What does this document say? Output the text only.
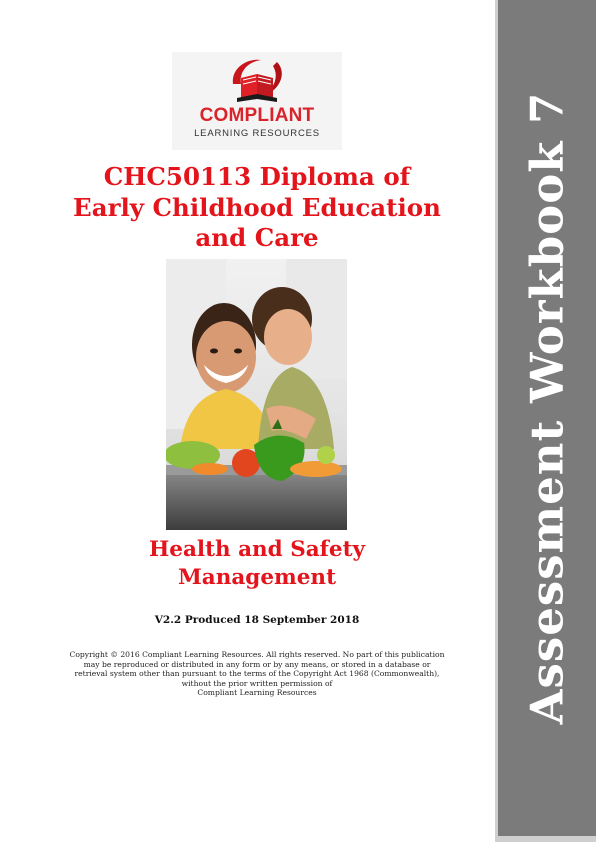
Assessment Workbook 7
COMPLIANT
LEARNING RESOURCES
CHC50113 Diploma of
Early Childhood Education
and Care
Health and Safety
Management
V2.2 Produced 18 September 2018
Copyright © 2016 Compliant Learning Resources. All rights reserved. No part of this publication
may be reproduced or distributed in any form or by any means, or stored in a database or
retrieval system other than pursuant to the terms of the Copyright Act 1968 (Commonwealth),
without the prior written permission of
Compliant Learning Resources
